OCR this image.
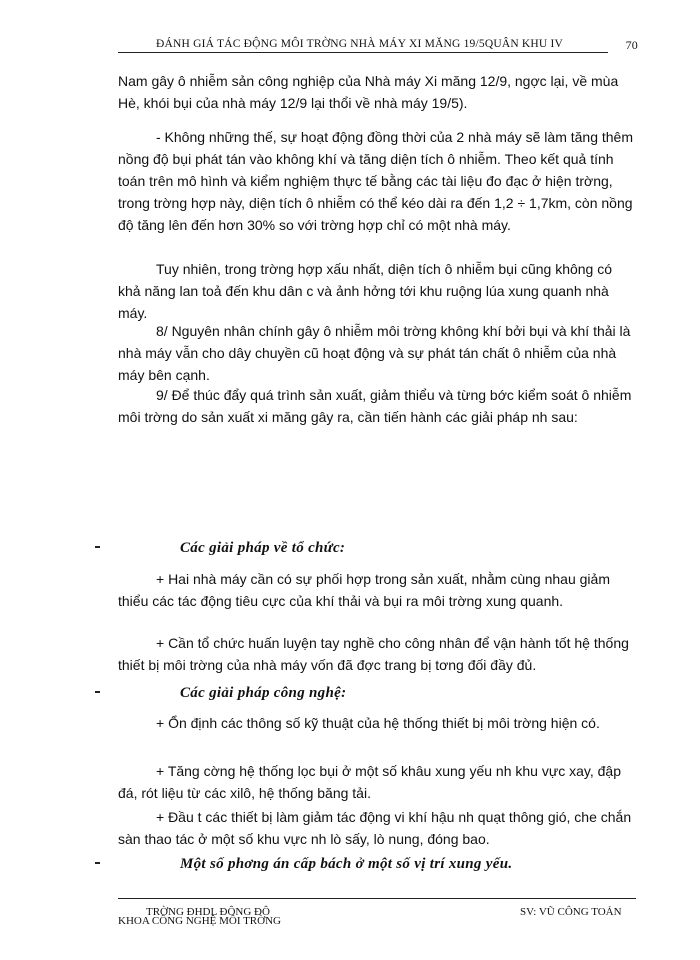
ĐÁNH GIÁ TÁC ĐỘNG MÔI TRỜNG NHÀ MÁY XI MĂNG 19/5QUÂN KHU IV	70

Nam gây ô nhiễm sản công nghiệp của Nhà máy Xi măng 12/9, ngợc lại, về mùa Hè, khói bụi của nhà máy 12/9 lại thổi về nhà máy 19/5).

- Không những thế, sự hoạt động đồng thời của 2 nhà máy sẽ làm tăng thêm nồng độ bụi phát tán vào không khí và tăng diện tích ô nhiễm. Theo kết quả tính toán trên mô hình và kiểm nghiệm thực tế bằng các tài liệu đo đạc ở hiện trờng, trong trờng hợp này, diện tích ô nhiễm có thể kéo dài ra đến 1,2 ÷ 1,7km, còn nồng độ tăng lên đến hơn 30% so với trờng hợp chỉ có một nhà máy.

Tuy nhiên, trong trờng hợp xấu nhất, diện tích ô nhiễm bụi cũng không có khả năng lan toả đến khu dân c và ảnh hởng tới khu ruộng lúa xung quanh nhà máy.

8/ Nguyên nhân chính gây ô nhiễm môi trờng không khí bởi bụi và khí thải là nhà máy vẫn cho dây chuyền cũ hoạt động và sự phát tán chất ô nhiễm của nhà máy bên cạnh.

9/ Để thúc đẩy quá trình sản xuất, giảm thiểu và từng bớc kiểm soát ô nhiễm môi trờng do sản xuất xi măng gây ra, cần tiến hành các giải pháp nh sau:

Các giải pháp về tổ chức:

+ Hai nhà máy cần có sự phối hợp trong sản xuất, nhằm cùng nhau giảm thiểu các tác động tiêu cực của khí thải và bụi ra môi trờng xung quanh.

+ Cần tổ chức huấn luyện tay nghề cho công nhân để vận hành tốt hệ thống thiết bị môi trờng của nhà máy vốn đã đợc trang bị tơng đối đầy đủ.

Các giải pháp công nghệ:

+ Ổn định các thông số kỹ thuật của hệ thống thiết bị môi trờng hiện có.

+ Tăng cờng hệ thống lọc bụi ở một số khâu xung yếu nh khu vực xay, đập đá, rót liệu từ các xilô, hệ thống băng tải.

+ Đầu t các thiết bị làm giảm tác động vi khí hậu nh quạt thông gió, che chắn sàn thao tác ở một số khu vực nh lò sấy, lò nung, đóng bao.

Một số phơng án cấp bách ở một số vị trí xung yếu.
TRỜNG ĐHDL ĐÔNG ĐÔ
KHOA CÔNG NGHỆ MÔI TRỜNG
SV: VŨ CÔNG TOẢN
